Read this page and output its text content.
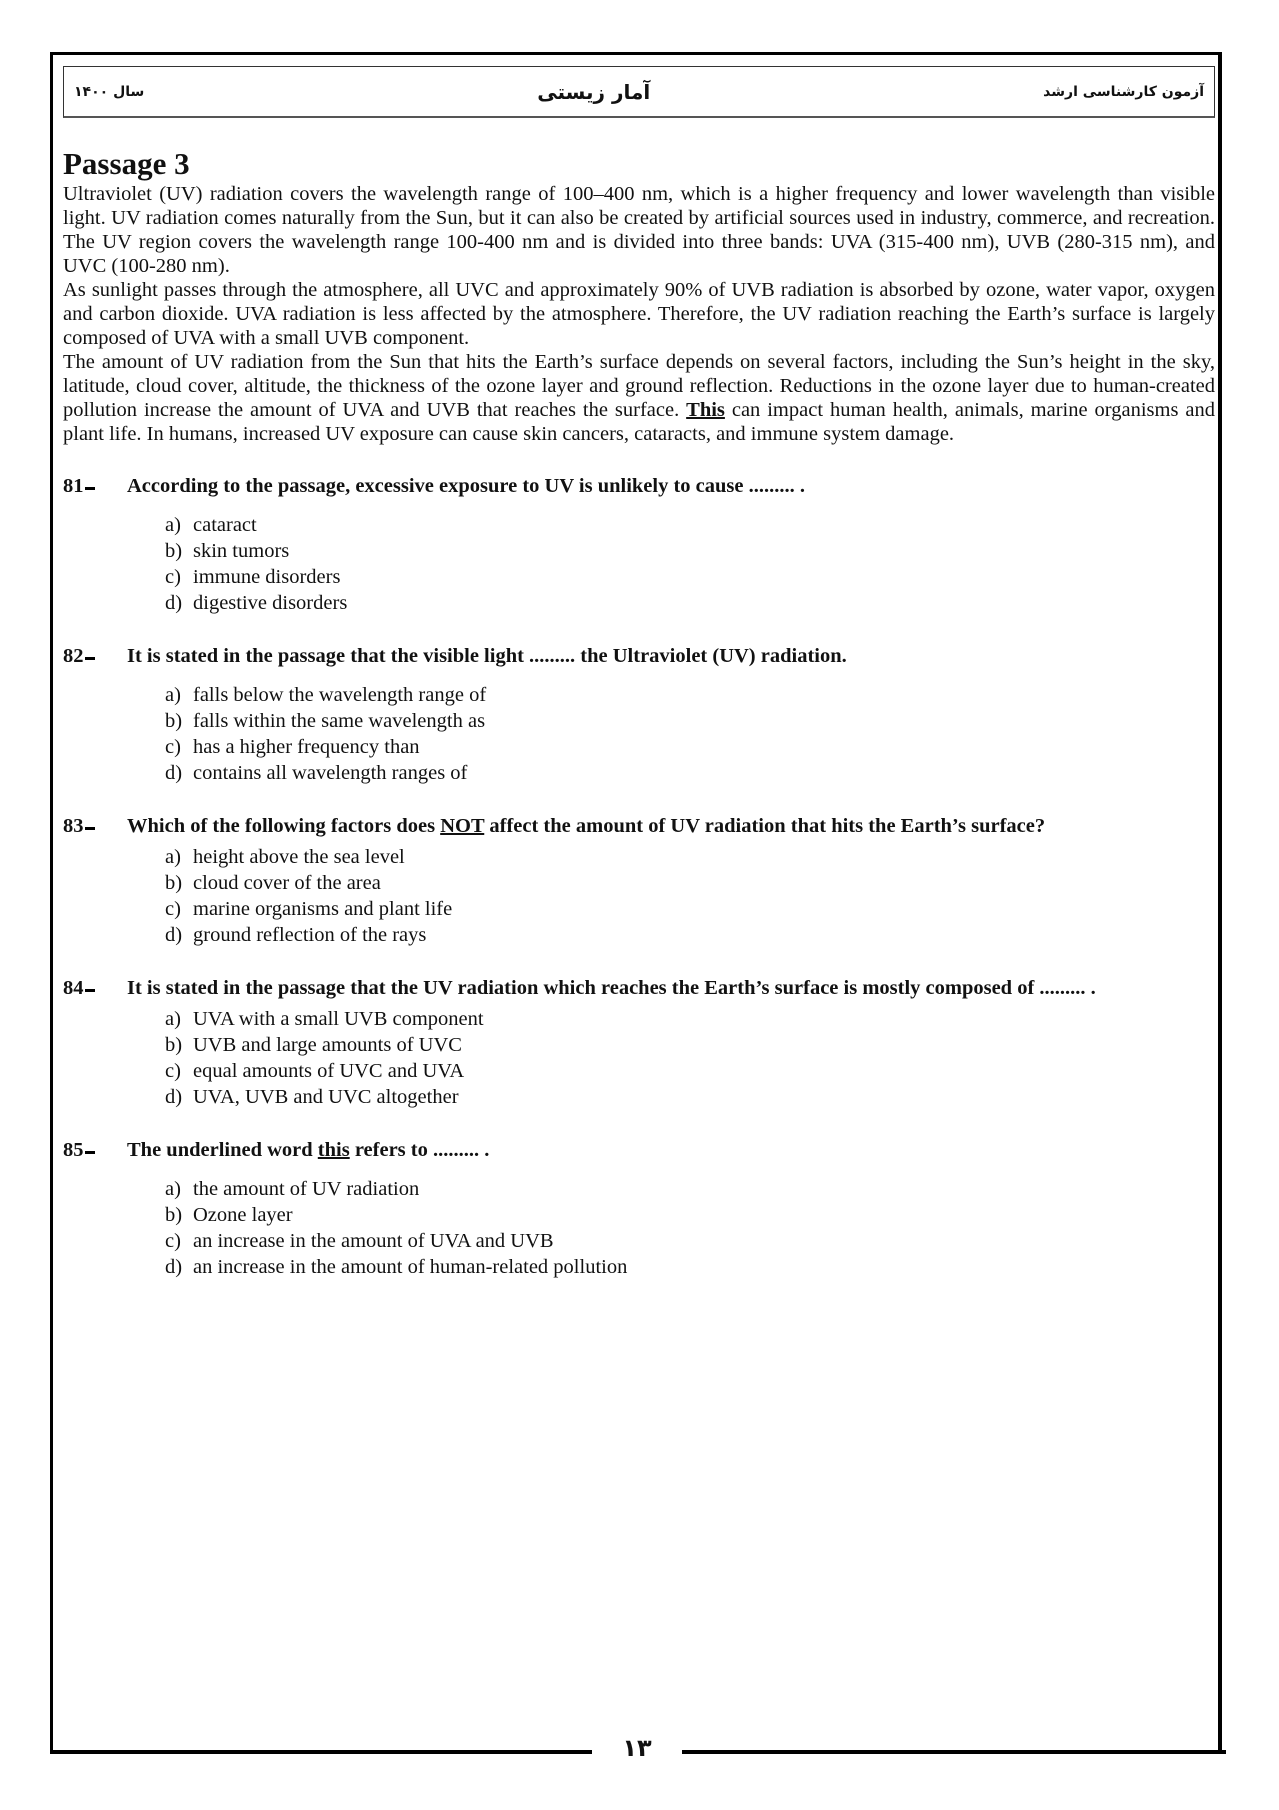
۱۳
آزمون کارشناسی ارشد
آمار زیستی
سال ۱۴۰۰
Passage 3

Ultraviolet (UV) radiation covers the wavelength range of 100–400 nm, which is a higher frequency and lower wavelength than visible light. UV radiation comes naturally from the Sun, but it can also be created by artificial sources used in industry, commerce, and recreation. The UV region covers the wavelength range 100-400 nm and is divided into three bands: UVA (315-400 nm), UVB (280-315 nm), and UVC (100-280 nm).

As sunlight passes through the atmosphere, all UVC and approximately 90% of UVB radiation is absorbed by ozone, water vapor, oxygen and carbon dioxide. UVA radiation is less affected by the atmosphere. Therefore, the UV radiation reaching the Earth’s surface is largely composed of UVA with a small UVB component.

The amount of UV radiation from the Sun that hits the Earth’s surface depends on several factors, including the Sun’s height in the sky, latitude, cloud cover, altitude, the thickness of the ozone layer and ground reflection. Reductions in the ozone layer due to human-created pollution increase the amount of UVA and UVB that reaches the surface. This can impact human health, animals, marine organisms and plant life. In humans, increased UV exposure can cause skin cancers, cataracts, and immune system damage.

81	According to the passage, excessive exposure to UV is unlikely to cause ......... .
a) cataract
b) skin tumors
c) immune disorders
d) digestive disorders
82	It is stated in the passage that the visible light ......... the Ultraviolet (UV) radiation.
a) falls below the wavelength range of
b) falls within the same wavelength as
c) has a higher frequency than
d) contains all wavelength ranges of
83	Which of the following factors does NOT affect the amount of UV radiation that hits the Earth’s surface?
a) height above the sea level
b) cloud cover of the area
c) marine organisms and plant life
d) ground reflection of the rays
84	It is stated in the passage that the UV radiation which reaches the Earth’s surface is mostly composed of ......... .
a) UVA with a small UVB component
b) UVB and large amounts of UVC
c) equal amounts of UVC and UVA
d) UVA, UVB and UVC altogether
85	The underlined word this refers to ......... .
a) the amount of UV radiation
b) Ozone layer
c) an increase in the amount of UVA and UVB
d) an increase in the amount of human-related pollution
